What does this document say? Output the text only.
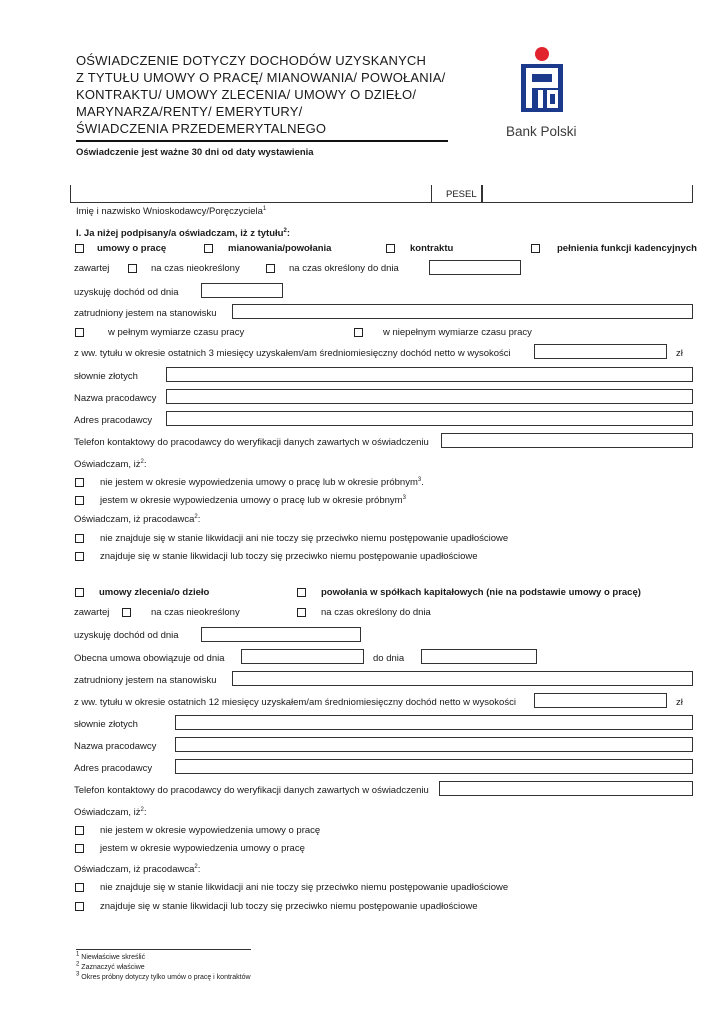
OŚWIADCZENIE DOTYCZY DOCHODÓW UZYSKANYCH
Z TYTUŁU UMOWY O PRACĘ/ MIANOWANIA/ POWOŁANIA/
KONTRAKTU/ UMOWY ZLECENIA/ UMOWY O DZIEŁO/
MARYNARZA/RENTY/ EMERYTURY/
ŚWIADCZENIA PRZEDEMERYTALNEGO
Oświadczenie jest ważne 30 dni od daty wystawienia
Bank Polski
PESEL
Imię i nazwisko Wnioskodawcy/Poręczyciela$^1$
I. Ja niżej podpisany/a oświadczam, iż z tytułu$^2$:
umowy o pracę	mianowania/powołania	kontraktu	pełnienia funkcji kadencyjnych
zawartej	na czas nieokreślony	na czas określony do dnia
uzyskuję dochód od dnia
zatrudniony jestem na stanowisku
w pełnym wymiarze czasu pracy	w niepełnym wymiarze czasu pracy
z ww. tytułu w okresie ostatnich 3 miesięcy uzyskałem/am średniomiesięczny dochód netto w wysokości	zł
słownie złotych
Nazwa pracodawcy
Adres pracodawcy
Telefon kontaktowy do pracodawcy do weryfikacji danych zawartych w oświadczeniu
Oświadczam, $iż^2$:
nie jestem w okresie wypowiedzenia umowy o pracę lub w okresie próbnym$^3$.
jestem w okresie wypowiedzenia umowy o pracę lub w okresie próbnym$^3$
Oświadczam, iż pracodawca$^2$:
nie znajduje się w stanie likwidacji ani nie toczy się przeciwko niemu postępowanie upadłościowe
znajduje się w stanie likwidacji lub toczy się przeciwko niemu postępowanie upadłościowe
umowy zlecenia/o dzieło	powołania w spółkach kapitałowych (nie na podstawie umowy o pracę)
zawartej	na czas nieokreślony	na czas określony do dnia
uzyskuję dochód od dnia
Obecna umowa obowiązuje od dnia	do dnia
zatrudniony jestem na stanowisku
z ww. tytułu w okresie ostatnich 12 miesięcy uzyskałem/am średniomiesięczny dochód netto w wysokości	zł
słownie złotych
Nazwa pracodawcy
Adres pracodawcy
Telefon kontaktowy do pracodawcy do weryfikacji danych zawartych w oświadczeniu
Oświadczam, $iż^2$:
nie jestem w okresie wypowiedzenia umowy o pracę
jestem w okresie wypowiedzenia umowy o pracę
Oświadczam, iż pracodawca$^2$:
nie znajduje się w stanie likwidacji ani nie toczy się przeciwko niemu postępowanie upadłościowe
znajduje się w stanie likwidacji lub toczy się przeciwko niemu postępowanie upadłościowe
$^1$ Niewłaściwe skreślić
$^2$ Zaznaczyć właściwe
$^3$ Okres próbny dotyczy tylko umów o pracę i kontraktów
